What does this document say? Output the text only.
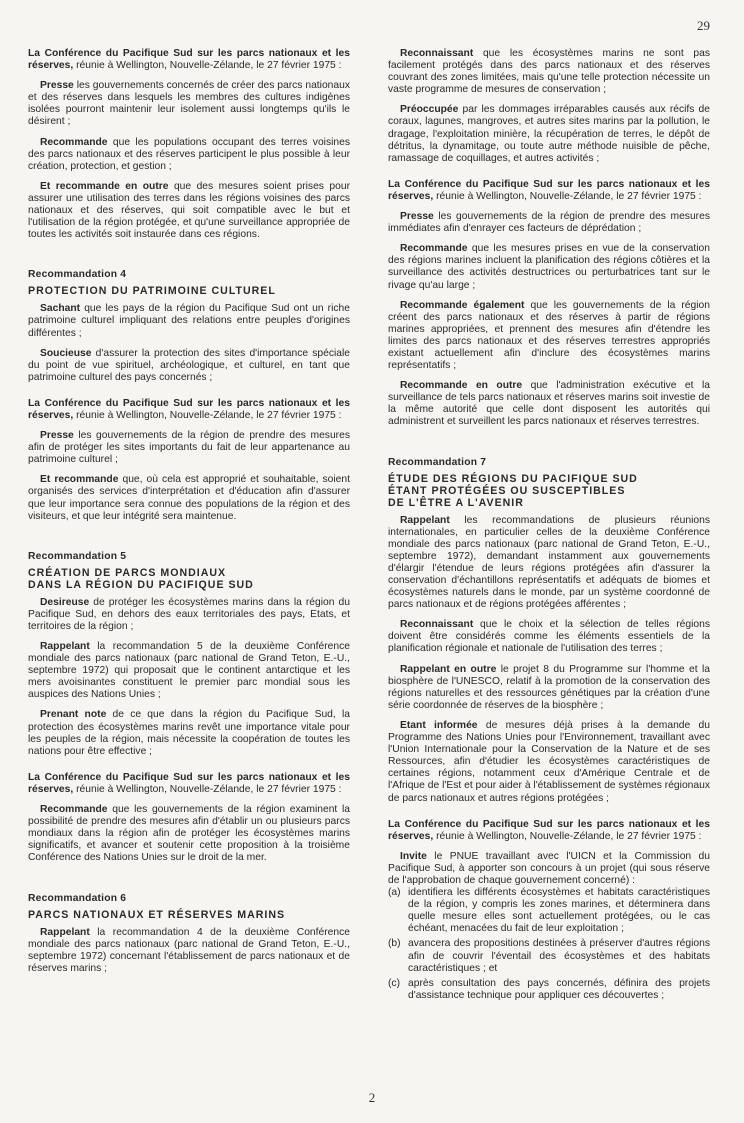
29

La Conférence du Pacifique Sud sur les parcs nationaux et les réserves, réunie à Wellington, Nouvelle-Zélande, le 27 février 1975 :

Presse les gouvernements concernés de créer des parcs nationaux et des réserves dans lesquels les membres des cultures indigènes isolées pourront maintenir leur isolement aussi longtemps qu'ils le désirent ;

Recommande que les populations occupant des terres voisines des parcs nationaux et des réserves participent le plus possible à leur création, protection, et gestion ;

Et recommande en outre que des mesures soient prises pour assurer une utilisation des terres dans les régions voisines des parcs nationaux et des réserves, qui soit compatible avec le but et l'utilisation de la région protégée, et qu'une surveillance appropriée de toutes les activités soit instaurée dans ces régions.

Recommandation 4
PROTECTION DU PATRIMOINE CULTUREL

Sachant que les pays de la région du Pacifique Sud ont un riche patrimoine culturel impliquant des relations entre peuples d'origines différentes ;

Soucieuse d'assurer la protection des sites d'importance spéciale du point de vue spirituel, archéologique, et culturel, en tant que patrimoine culturel des pays concernés ;

La Conférence du Pacifique Sud sur les parcs nationaux et les réserves, réunie à Wellington, Nouvelle-Zélande, le 27 février 1975 :

Presse les gouvernements de la région de prendre des mesures afin de protéger les sites importants du fait de leur appartenance au patrimoine culturel ;

Et recommande que, où cela est approprié et souhaitable, soient organisés des services d'interprétation et d'éducation afin d'assurer que leur importance sera connue des populations de la région et des visiteurs, et que leur intégrité sera maintenue.

Recommandation 5
CRÉATION DE PARCS MONDIAUX
DANS LA RÉGION DU PACIFIQUE SUD

Desireuse de protéger les écosystèmes marins dans la région du Pacifique Sud, en dehors des eaux territoriales des pays, Etats, et territoires de la région ;

Rappelant la recommandation 5 de la deuxième Conférence mondiale des parcs nationaux (parc national de Grand Teton, E.-U., septembre 1972) qui proposait que le continent antarctique et les mers avoisinantes constituent le premier parc mondial sous les auspices des Nations Unies ;

Prenant note de ce que dans la région du Pacifique Sud, la protection des écosystèmes marins revêt une importance vitale pour les peuples de la région, mais nécessite la coopération de toutes les nations pour être effective ;

La Conférence du Pacifique Sud sur les parcs nationaux et les réserves, réunie à Wellington, Nouvelle-Zélande, le 27 février 1975 :

Recommande que les gouvernements de la région examinent la possibilité de prendre des mesures afin d'établir un ou plusieurs parcs mondiaux dans la région afin de protéger les écosystèmes marins significatifs, et avancer et soutenir cette proposition à la troisième Conférence des Nations Unies sur le droit de la mer.

Recommandation 6
PARCS NATIONAUX ET RÉSERVES MARINS

Rappelant la recommandation 4 de la deuxième Conférence mondiale des parcs nationaux (parc national de Grand Teton, E.-U., septembre 1972) concernant l'établissement de parcs nationaux et de réserves marins ;

Reconnaissant que les écosystèmes marins ne sont pas facilement protégés dans des parcs nationaux et des réserves couvrant des zones limitées, mais qu'une telle protection nécessite un vaste programme de mesures de conservation ;

Préoccupée par les dommages irréparables causés aux récifs de coraux, lagunes, mangroves, et autres sites marins par la pollution, le dragage, l'exploitation minière, la récupération de terres, le dépôt de détritus, la dynamitage, ou toute autre méthode nuisible de pêche, ramassage de coquillages, et autres activités ;

La Conférence du Pacifique Sud sur les parcs nationaux et les réserves, réunie à Wellington, Nouvelle-Zélande, le 27 février 1975 :

Presse les gouvernements de la région de prendre des mesures immédiates afin d'enrayer ces facteurs de déprédation ;

Recommande que les mesures prises en vue de la conservation des régions marines incluent la planification des régions côtières et la surveillance des activités destructrices ou perturbatrices tant sur le rivage qu'au large ;

Recommande également que les gouvernements de la région créent des parcs nationaux et des réserves à partir de régions marines appropriées, et prennent des mesures afin d'étendre les limites des parcs nationaux et des réserves terrestres appropriés existant actuellement afin d'inclure des écosystèmes marins représentatifs ;

Recommande en outre que l'administration exécutive et la surveillance de tels parcs nationaux et réserves marins soit investie de la même autorité que celle dont disposent les autorités qui administrent et surveillent les parcs nationaux et réserves terrestres.

Recommandation 7
ÉTUDE DES RÉGIONS DU PACIFIQUE SUD
ÉTANT PROTÉGÉES OU SUSCEPTIBLES
DE L'ÊTRE A L'AVENIR

Rappelant les recommandations de plusieurs réunions internationales, en particulier celles de la deuxième Conférence mondiale des parcs nationaux (parc national de Grand Teton, E.-U., septembre 1972), demandant instamment aux gouvernements d'élargir l'étendue de leurs régions protégées afin d'assurer la conservation d'échantillons représentatifs et adéquats de biomes et écosystèmes naturels dans le monde, par un système coordonné de parcs nationaux et de régions protégées afférentes ;

Reconnaissant que le choix et la sélection de telles régions doivent être considérés comme les éléments essentiels de la planification régionale et nationale de l'utilisation des terres ;

Rappelant en outre le projet 8 du Programme sur l'homme et la biosphère de l'UNESCO, relatif à la promotion de la conservation des régions naturelles et des ressources génétiques par la création d'une série coordonnée de réserves de la biosphère ;

Etant informée de mesures déjà prises à la demande du Programme des Nations Unies pour l'Environnement, travaillant avec l'Union Internationale pour la Conservation de la Nature et de ses Ressources, afin d'étudier les écosystèmes caractéristiques de certaines régions, notamment ceux d'Amérique Centrale et de l'Afrique de l'Est et pour aider à l'établissement de systèmes régionaux de parcs nationaux et autres régions protégées ;

La Conférence du Pacifique Sud sur les parcs nationaux et les réserves, réunie à Wellington, Nouvelle-Zélande, le 27 février 1975 :

Invite le PNUE travaillant avec l'UICN et la Commission du Pacifique Sud, à apporter son concours à un projet (qui sous réserve de l'approbation de chaque gouvernement concerné) :

(a) identifiera les différents écosystèmes et habitats caractéristiques de la région, y compris les zones marines, et déterminera dans quelle mesure elles sont actuellement protégées, ou le cas échéant, menacées du fait de leur exploitation ;
(b) avancera des propositions destinées à préserver d'autres régions afin de couvrir l'éventail des écosystèmes et des habitats caractéristiques ; et
(c) après consultation des pays concernés, définira des projets d'assistance technique pour appliquer ces découvertes ;
2
